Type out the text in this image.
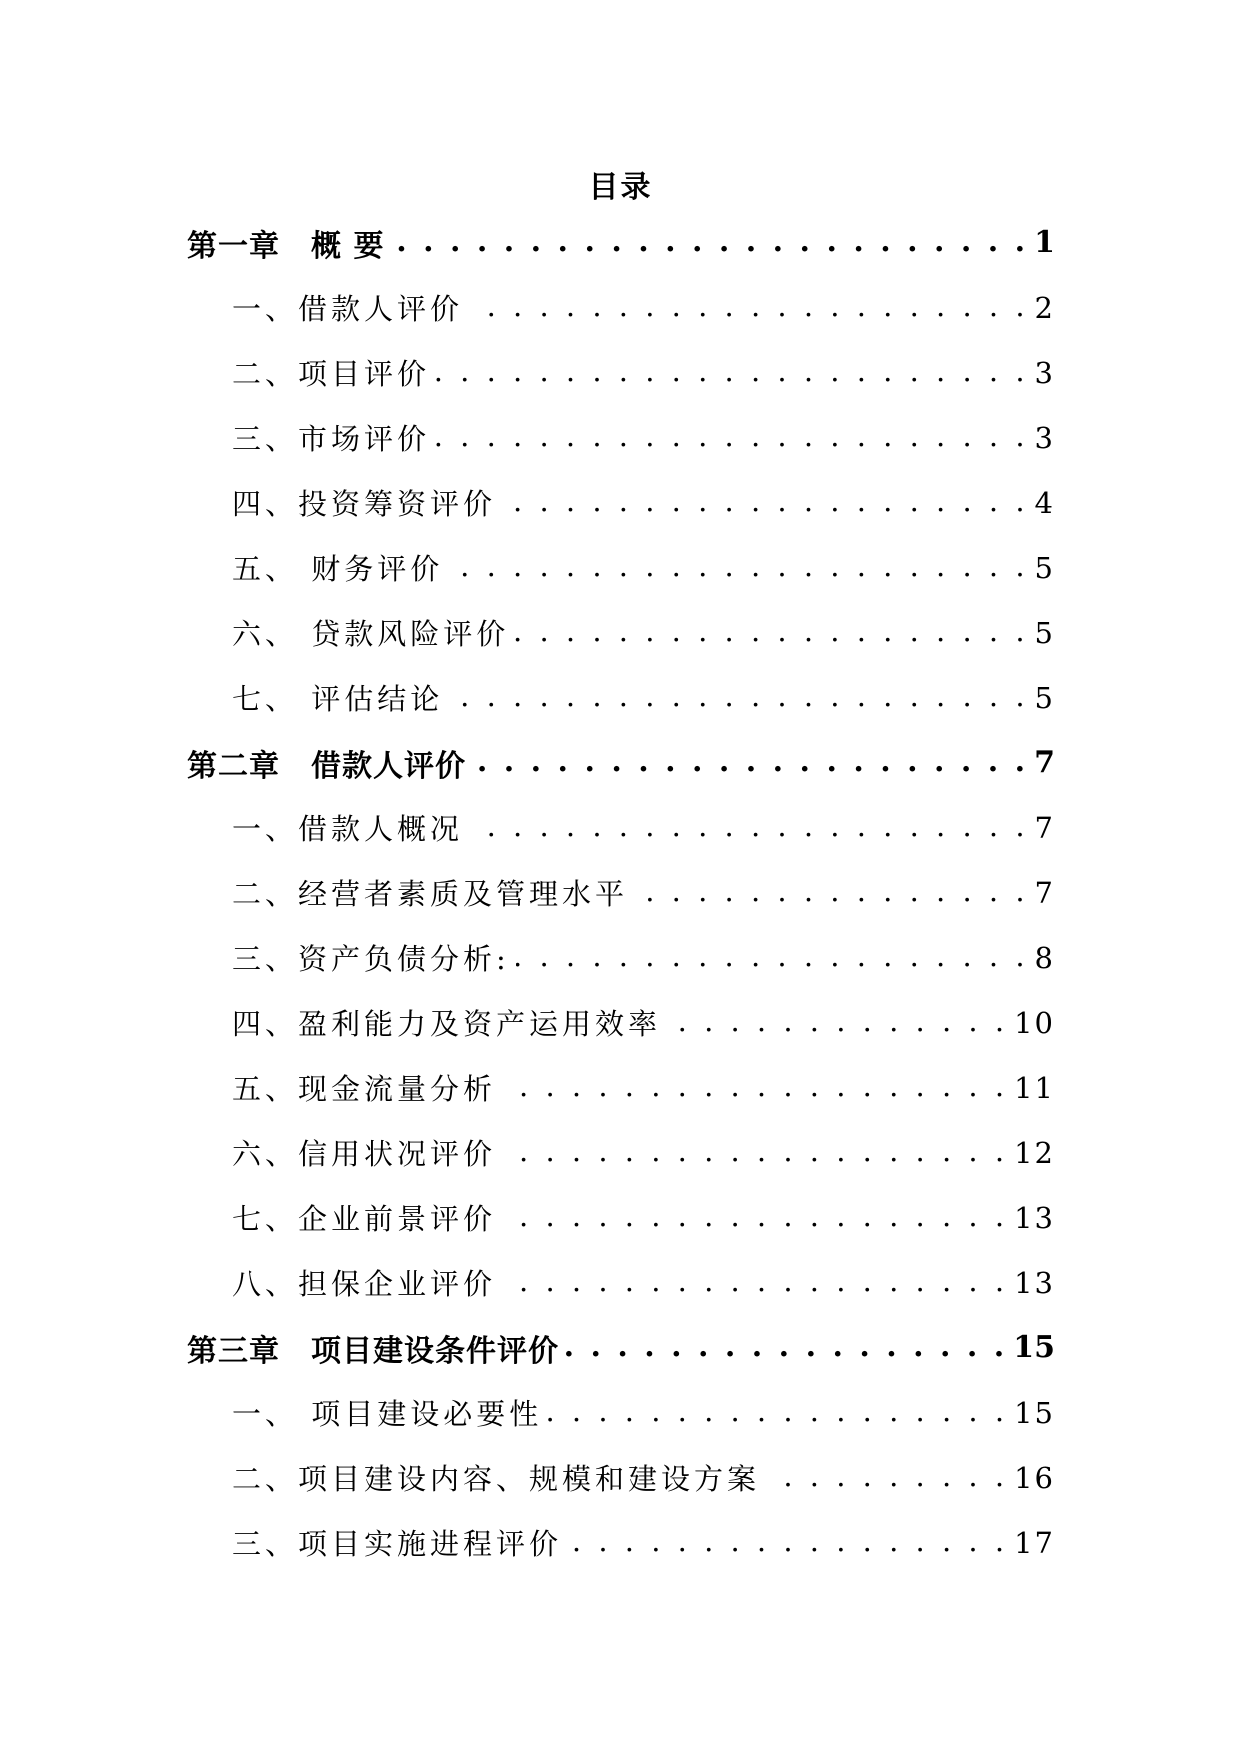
目录
第一章　概 要 . . .	1
一、借款人评价 . . .	2
二、项目评价 . . .	3
三、市场评价 . . .	3
四、投资筹资评价 . . .	4
五、 财务评价 . . .	5
六、 贷款风险评价 . . .	5
七、 评估结论 . . .	5
第二章　借款人评价 . . .	7
一、借款人概况 . . .	7
二、经营者素质及管理水平 . . .	7
三、资产负债分析: . . .	8
四、盈利能力及资产运用效率 . . .	10
五、现金流量分析 . . .	11
六、信用状况评价 . . .	12
七、企业前景评价 . . .	13
八、担保企业评价 . . .	13
第三章　项目建设条件评价 . . .	15
一、 项目建设必要性 . . .	15
二、项目建设内容、规模和建设方案 . . .	16
三、项目实施进程评价 . . .	17
